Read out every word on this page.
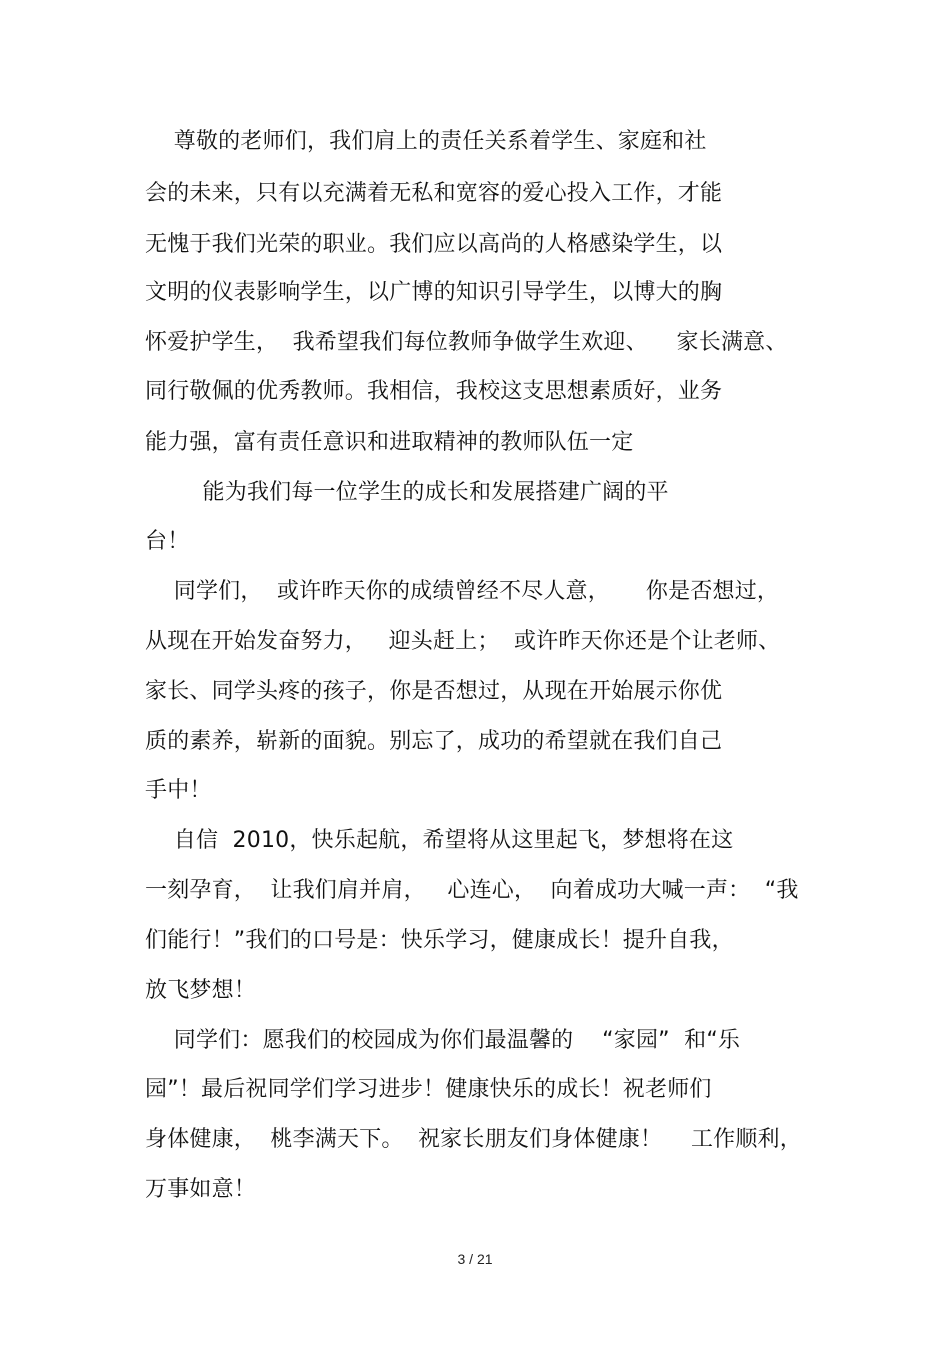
尊敬的老师们，我们肩上的责任关系着学生、家庭和社
会的未来，只有以充满着无私和宽容的爱心投入工作，才能
无愧于我们光荣的职业。我们应以高尚的人格感染学生，以
文明的仪表影响学生，以广博的知识引导学生，以博大的胸
怀爱护学生，  我希望我们每位教师争做学生欢迎、    家长满意、
同行敬佩的优秀教师。我相信，我校这支思想素质好，业务
能力强，富有责任意识和进取精神的教师队伍一定
能为我们每一位学生的成长和发展搭建广阔的平
台！
同学们，  或许昨天你的成绩曾经不尽人意，     你是否想过，
从现在开始发奋努力，   迎头赶上；  或许昨天你还是个让老师、
家长、同学头疼的孩子，你是否想过，从现在开始展示你优
质的素养，崭新的面貌。别忘了，成功的希望就在我们自己
手中！
自信  2010，快乐起航，希望将从这里起飞，梦想将在这
一刻孕育，  让我们肩并肩，   心连心，  向着成功大喊一声：  “我
们能行！”我们的口号是：快乐学习，健康成长！提升自我，
放飞梦想！
同学们：愿我们的校园成为你们最温馨的    “家园”  和“乐
园”！最后祝同学们学习进步！健康快乐的成长！祝老师们
身体健康，  桃李满天下。  祝家长朋友们身体健康！    工作顺利，
万事如意！
3 / 21
